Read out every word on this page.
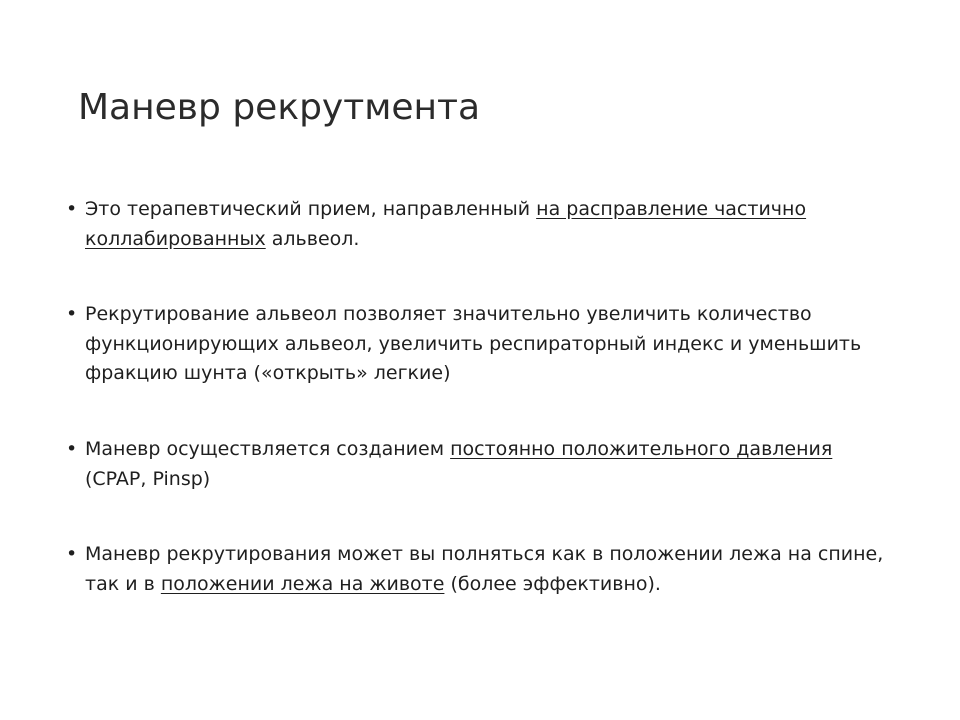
Маневр рекрутмента
• Это терапевтический прием, направленный на расправление частично коллабированных альвеол.
• Рекрутирование альвеол позволяет значительно увеличить количество функционирующих альвеол, увеличить респираторный индекс и уменьшить фракцию шунта («открыть» легкие)
• Маневр осуществляется созданием постоянно положительного давления (CPAP, Pinsp)
• Маневр рекрутирования может вы полняться как в положении лежа на спине, так и в положении лежа на животе (более эффективно).
